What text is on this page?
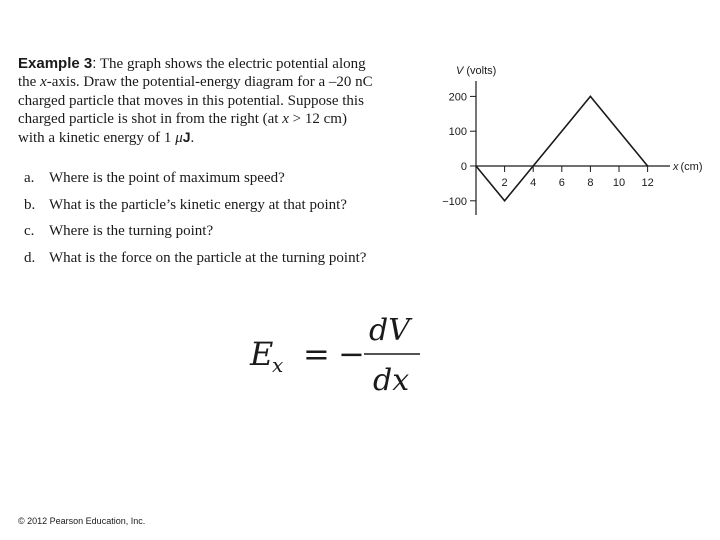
Example 3: The graph shows the electric potential along
the x-axis. Draw the potential-energy diagram for a –20 nC
charged particle that moves in this potential. Suppose this
charged particle is shot in from the right (at x > 12 cm)
with a kinetic energy of 1 μJ.
a. Where is the point of maximum speed?
b. What is the particle’s kinetic energy at that point?
c. Where is the turning point?
d. What is the force on the particle at the turning point?
V (volts)
−100
0
100
200
x (cm)
2 4 6 8 10 12
E
x = −
dV
dx
© 2012 Pearson Education, Inc.
